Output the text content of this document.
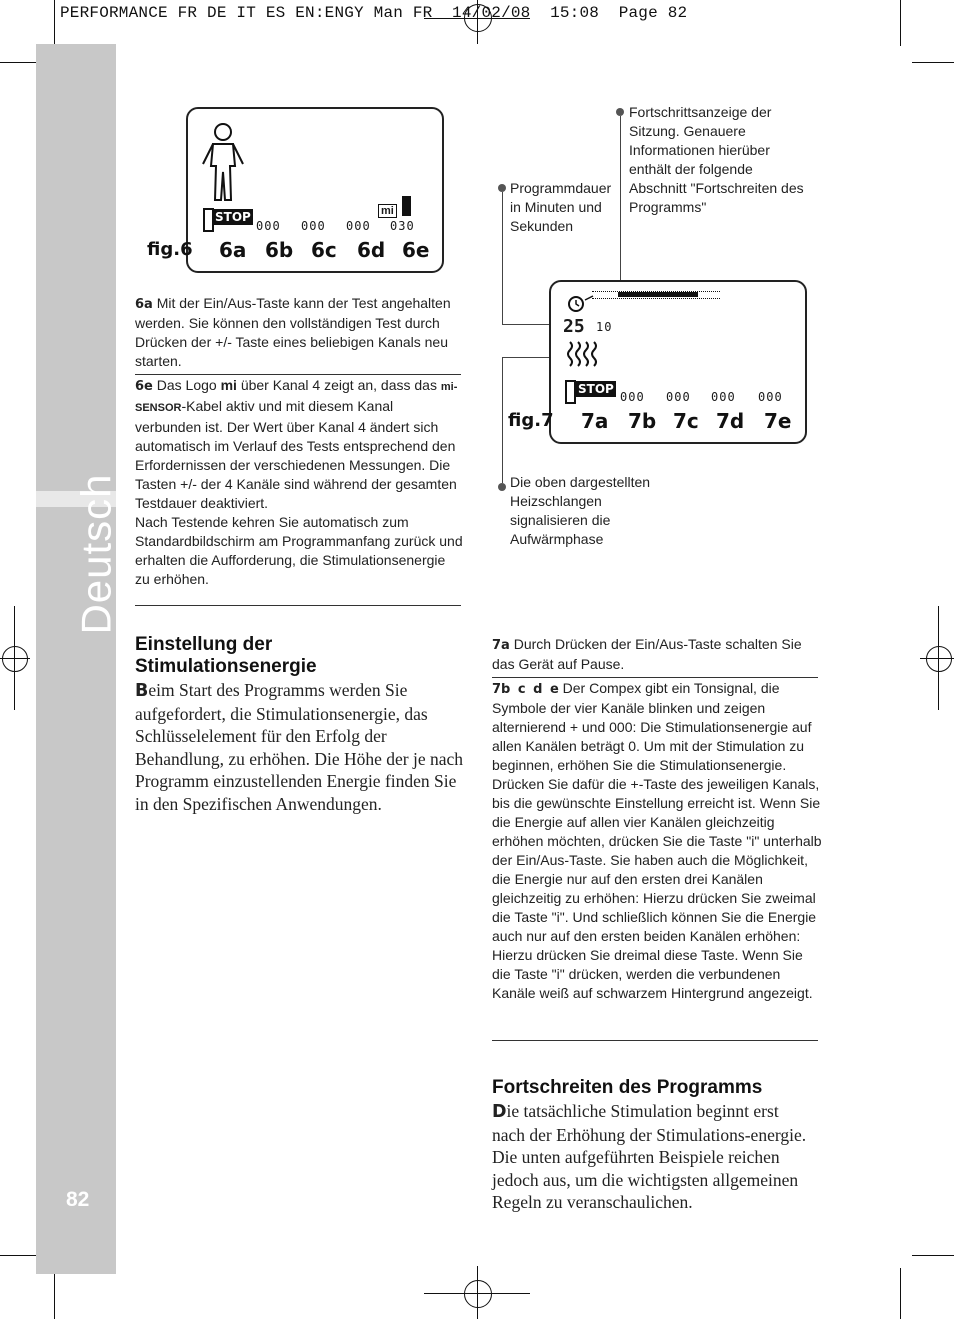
PERFORMANCE FR DE IT ES EN:ENGY Man FR  14/02/08  15:08  Page 82
Deutsch
82
STOP
000 000 000 030
mi
fig.6 6a 6b 6c 6d 6e
6a Mit der Ein/Aus-Taste kann der Test angehalten werden. Sie können den vollständigen Test durch Drücken der +/- Taste eines beliebigen Kanals neu starten.
6e Das Logo mi über Kanal 4 zeigt an, dass das mi-SENSOR-Kabel aktiv und mit diesem Kanal verbunden ist. Der Wert über Kanal 4 ändert sich automatisch im Verlauf des Tests entsprechend den Erfordernissen der verschiedenen Messungen. Die Tasten +/- der 4 Kanäle sind während der gesamten Testdauer deaktiviert.
Nach Testende kehren Sie automatisch zum Standardbildschirm am Programmanfang zurück und erhalten die Aufforderung, die Stimulationsenergie zu erhöhen.
Einstellung der Stimulationsenergie
Beim Start des Programms werden Sie aufgefordert, die Stimulationsenergie, das Schlüsselelement für den Erfolg der Behandlung, zu erhöhen. Die Höhe der je nach Programm einzustellenden Energie finden Sie in den Spezifischen Anwendungen.
Fortschrittsanzeige der Sitzung. Genauere Informationen hierüber enthält der folgende Abschnitt "Fortschreiten des Programms"
Programmdauer in Minuten und Sekunden
Die oben dargestellten Heizschlangen signalisieren die Aufwärmphase
25 10
STOP
000 000 000 000
fig.7 7a 7b 7c 7d 7e
7a Durch Drücken der Ein/Aus-Taste schalten Sie das Gerät auf Pause.
7b c d e Der Compex gibt ein Tonsignal, die Symbole der vier Kanäle blinken und zeigen alternierend + und 000: Die Stimulationsenergie auf allen Kanälen beträgt 0. Um mit der Stimulation zu beginnen, erhöhen Sie die Stimulationsenergie. Drücken Sie dafür die +-Taste des jeweiligen Kanals, bis die gewünschte Einstellung erreicht ist. Wenn Sie die Energie auf allen vier Kanälen gleichzeitig erhöhen möchten, drücken Sie die Taste "i" unterhalb der Ein/Aus-Taste. Sie haben auch die Möglichkeit, die Energie nur auf den ersten drei Kanälen gleichzeitig zu erhöhen: Hierzu drücken Sie zweimal die Taste "i". Und schließlich können Sie die Energie auch nur auf den ersten beiden Kanälen erhöhen: Hierzu drücken Sie dreimal diese Taste. Wenn Sie die Taste "i" drücken, werden die verbundenen Kanäle weiß auf schwarzem Hintergrund angezeigt.
Fortschreiten des Programms
Die tatsächliche Stimulation beginnt erst nach der Erhöhung der Stimulations-energie. Die unten aufgeführten Beispiele reichen jedoch aus, um die wichtigsten allgemeinen Regeln zu veranschaulichen.
